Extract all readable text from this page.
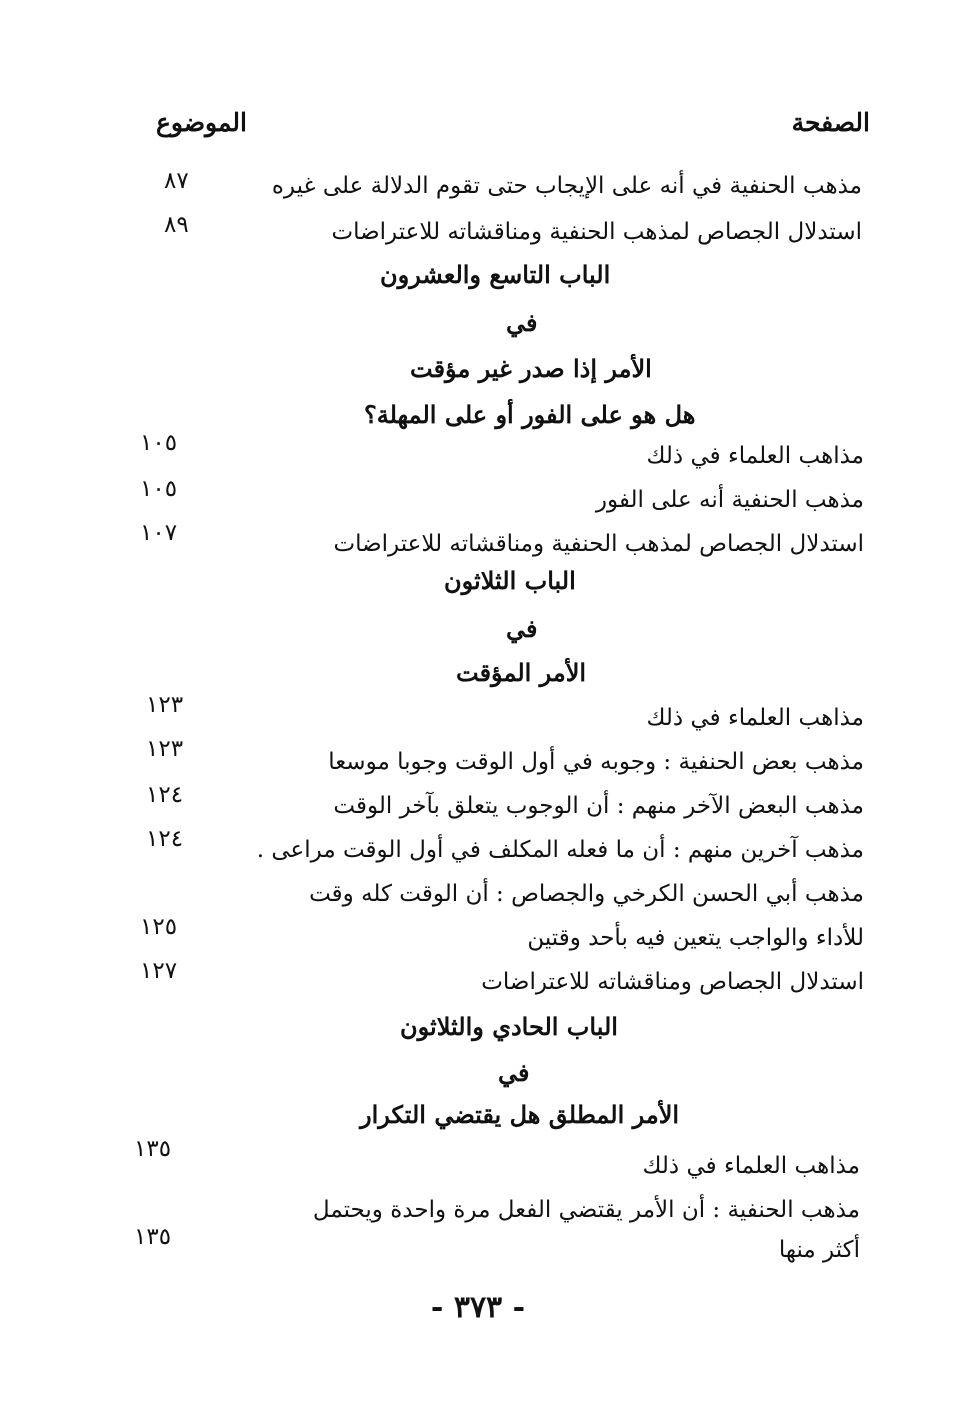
الصفحة
الموضوع
مذهب الحنفية في أنه على الإيجاب حتى تقوم الدلالة على غيره
٨٧
استدلال الجصاص لمذهب الحنفية ومناقشاته للاعتراضات
٨٩
الباب التاسع والعشرون
في
الأمر إذا صدر غير مؤقت
هل هو على الفور أو على المهلة؟
مذاهب العلماء في ذلك
١٠٥
مذهب الحنفية أنه على الفور
١٠٥
استدلال الجصاص لمذهب الحنفية ومناقشاته للاعتراضات
١٠٧
الباب الثلاثون
في
الأمر المؤقت
مذاهب العلماء في ذلك
١٢٣
مذهب بعض الحنفية : وجوبه في أول الوقت وجوبا موسعا
١٢٣
مذهب البعض الآخر منهم : أن الوجوب يتعلق بآخر الوقت
١٢٤
مذهب آخرين منهم : أن ما فعله المكلف في أول الوقت مراعى .
١٢٤
مذهب أبي الحسن الكرخي والجصاص : أن الوقت كله وقت
للأداء والواجب يتعين فيه بأحد وقتين
١٢٥
استدلال الجصاص ومناقشاته للاعتراضات
١٢٧
الباب الحادي والثلاثون
في
الأمر المطلق هل يقتضي التكرار
مذاهب العلماء في ذلك
١٣٥
مذهب الحنفية : أن الأمر يقتضي الفعل مرة واحدة ويحتمل
١٣٥	أكثر منها
- ٣٧٣ -
